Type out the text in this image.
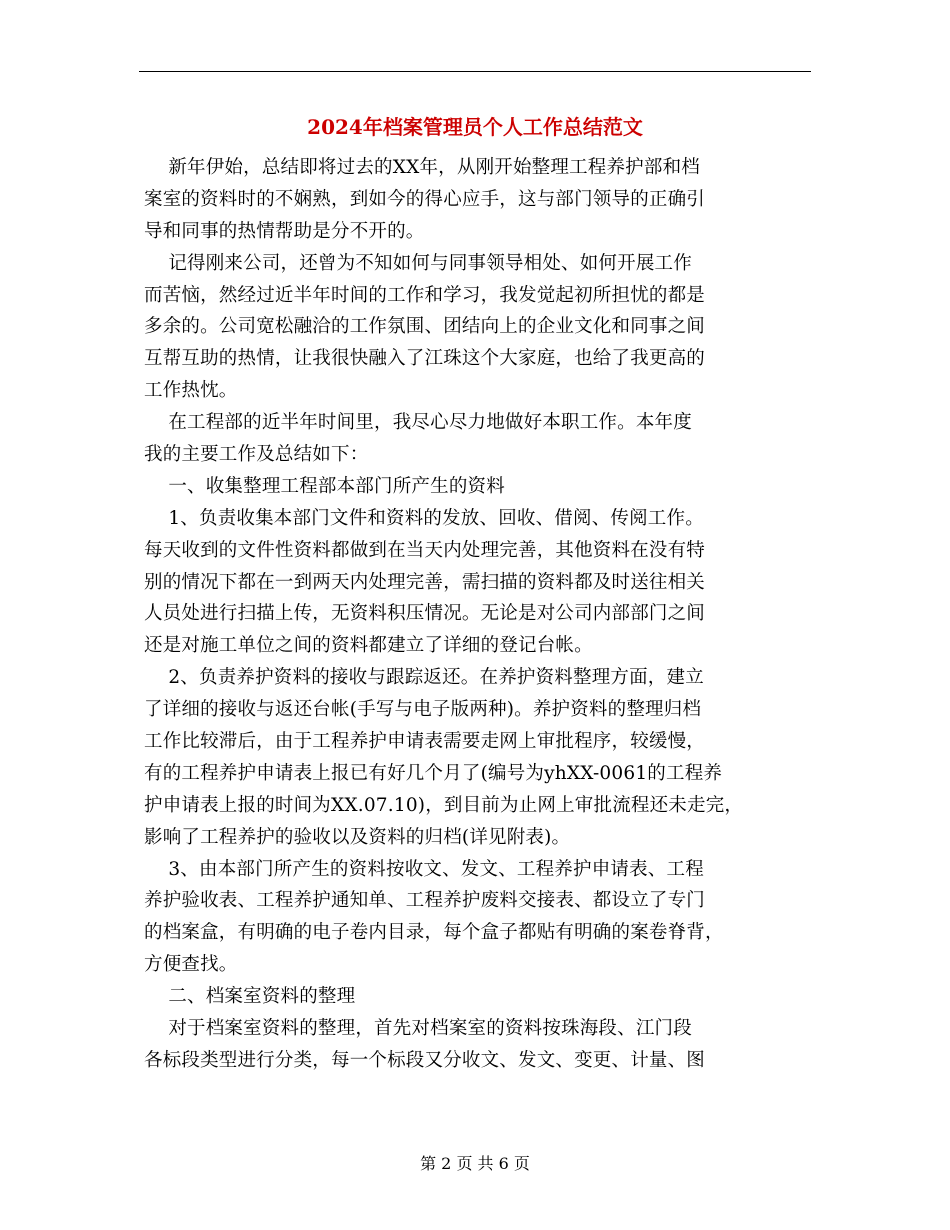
2024年档案管理员个人工作总结范文
新年伊始，总结即将过去的XX年，从刚开始整理工程养护部和档
案室的资料时的不娴熟，到如今的得心应手，这与部门领导的正确引
导和同事的热情帮助是分不开的。
记得刚来公司，还曾为不知如何与同事领导相处、如何开展工作
而苦恼，然经过近半年时间的工作和学习，我发觉起初所担忧的都是
多余的。公司宽松融洽的工作氛围、团结向上的企业文化和同事之间
互帮互助的热情，让我很快融入了江珠这个大家庭，也给了我更高的
工作热忱。
在工程部的近半年时间里，我尽心尽力地做好本职工作。本年度
我的主要工作及总结如下：
一、收集整理工程部本部门所产生的资料
1、负责收集本部门文件和资料的发放、回收、借阅、传阅工作。
每天收到的文件性资料都做到在当天内处理完善，其他资料在没有特
别的情况下都在一到两天内处理完善，需扫描的资料都及时送往相关
人员处进行扫描上传，无资料积压情况。无论是对公司内部部门之间
还是对施工单位之间的资料都建立了详细的登记台帐。
2、负责养护资料的接收与跟踪返还。在养护资料整理方面，建立
了详细的接收与返还台帐(手写与电子版两种)。养护资料的整理归档
工作比较滞后，由于工程养护申请表需要走网上审批程序，较缓慢，
有的工程养护申请表上报已有好几个月了(编号为yhXX-0061的工程养
护申请表上报的时间为XX.07.10)，到目前为止网上审批流程还未走完，
影响了工程养护的验收以及资料的归档(详见附表)。
3、由本部门所产生的资料按收文、发文、工程养护申请表、工程
养护验收表、工程养护通知单、工程养护废料交接表、都设立了专门
的档案盒，有明确的电子卷内目录，每个盒子都贴有明确的案卷脊背，
方便查找。
二、档案室资料的整理
对于档案室资料的整理，首先对档案室的资料按珠海段、江门段
各标段类型进行分类，每一个标段又分收文、发文、变更、计量、图
第 2 页 共 6 页
